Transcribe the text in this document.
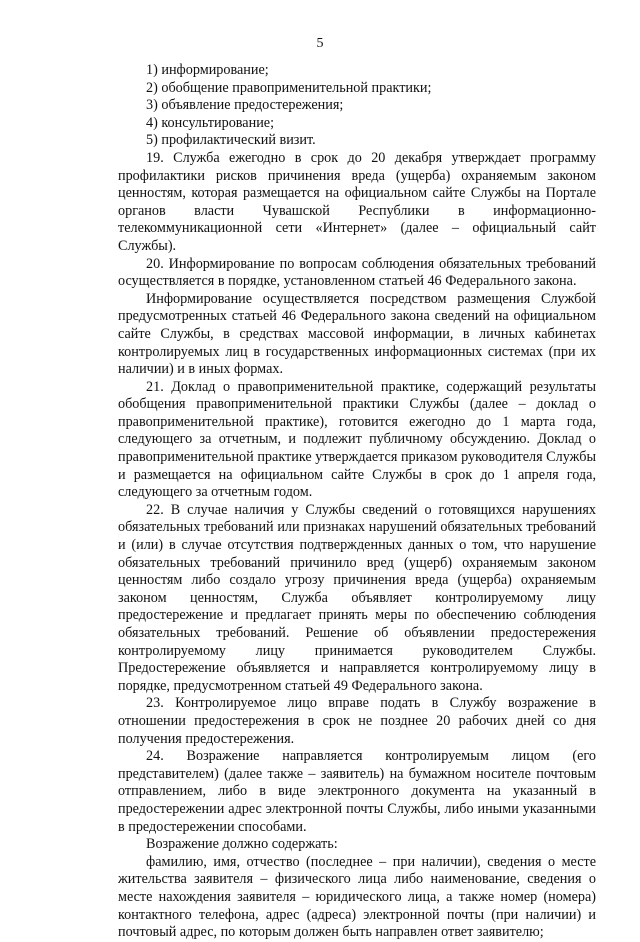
5

1) информирование;

2) обобщение правоприменительной практики;

3) объявление предостережения;

4) консультирование;

5) профилактический визит.

19. Служба ежегодно в срок до 20 декабря утверждает программу профилактики рисков причинения вреда (ущерба) охраняемым законом ценностям, которая размещается на официальном сайте Службы на Портале органов власти Чувашской Республики в информационно-телекоммуникационной сети «Интернет» (далее – официальный сайт Службы).

20. Информирование по вопросам соблюдения обязательных требований осуществляется в порядке, установленном статьей 46 Федерального закона.

Информирование осуществляется посредством размещения Службой предусмотренных статьей 46 Федерального закона сведений на официальном сайте Службы, в средствах массовой информации, в личных кабинетах контролируемых лиц в государственных информационных системах (при их наличии) и в иных формах.

21. Доклад о правоприменительной практике, содержащий результаты обобщения правоприменительной практики Службы (далее – доклад о правоприменительной практике), готовится ежегодно до 1 марта года, следующего за отчетным, и подлежит публичному обсуждению. Доклад о правоприменительной практике утверждается приказом руководителя Службы и размещается на официальном сайте Службы в срок до 1 апреля года, следующего за отчетным годом.

22. В случае наличия у Службы сведений о готовящихся нарушениях обязательных требований или признаках нарушений обязательных требований и (или) в случае отсутствия подтвержденных данных о том, что нарушение обязательных требований причинило вред (ущерб) охраняемым законом ценностям либо создало угрозу причинения вреда (ущерба) охраняемым законом ценностям, Служба объявляет контролируемому лицу предостережение и предлагает принять меры по обеспечению соблюдения обязательных требований. Решение об объявлении предостережения контролируемому лицу принимается руководителем Службы. Предостережение объявляется и направляется контролируемому лицу в порядке, предусмотренном статьей 49 Федерального закона.

23. Контролируемое лицо вправе подать в Службу возражение в отношении предостережения в срок не позднее 20 рабочих дней со дня получения предостережения.

24. Возражение направляется контролируемым лицом (его представителем) (далее также – заявитель) на бумажном носителе почтовым отправлением, либо в виде электронного документа на указанный в предостережении адрес электронной почты Службы, либо иными указанными в предостережении способами.

Возражение должно содержать:

фамилию, имя, отчество (последнее – при наличии), сведения о месте жительства заявителя – физического лица либо наименование, сведения о месте нахождения заявителя – юридического лица, а также номер (номера) контактного телефона, адрес (адреса) электронной почты (при наличии) и почтовый адрес, по которым должен быть направлен ответ заявителю;
